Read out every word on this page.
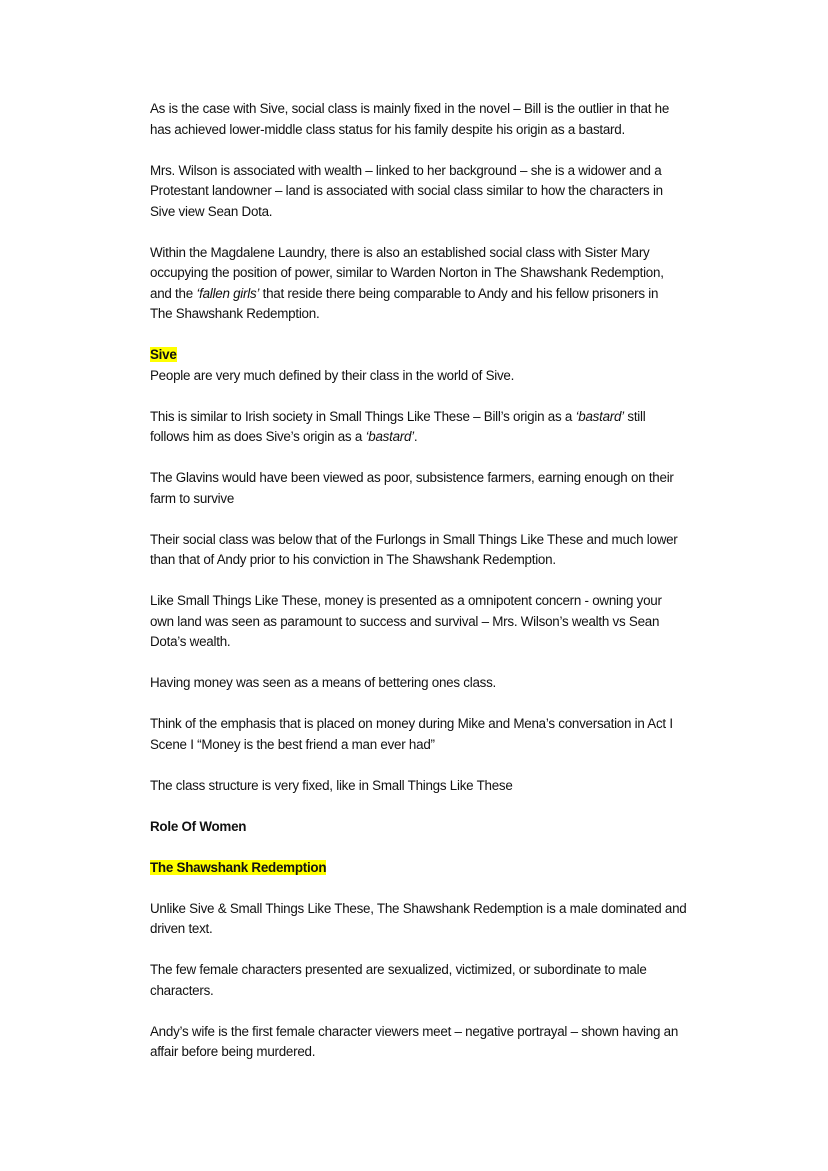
As is the case with Sive, social class is mainly fixed in the novel – Bill is the outlier in that he
has achieved lower-middle class status for his family despite his origin as a bastard.
Mrs. Wilson is associated with wealth – linked to her background – she is a widower and a
Protestant landowner – land is associated with social class similar to how the characters in
Sive view Sean Dota.
Within the Magdalene Laundry, there is also an established social class with Sister Mary
occupying the position of power, similar to Warden Norton in The Shawshank Redemption,
and the ‘fallen girls’ that reside there being comparable to Andy and his fellow prisoners in
The Shawshank Redemption.
Sive
People are very much defined by their class in the world of Sive.
This is similar to Irish society in Small Things Like These – Bill’s origin as a ‘bastard’ still
follows him as does Sive’s origin as a ‘bastard’.
The Glavins would have been viewed as poor, subsistence farmers, earning enough on their
farm to survive
Their social class was below that of the Furlongs in Small Things Like These and much lower
than that of Andy prior to his conviction in The Shawshank Redemption.
Like Small Things Like These, money is presented as a omnipotent concern - owning your
own land was seen as paramount to success and survival – Mrs. Wilson’s wealth vs Sean
Dota’s wealth.
Having money was seen as a means of bettering ones class.
Think of the emphasis that is placed on money during Mike and Mena’s conversation in Act I
Scene I “Money is the best friend a man ever had”
The class structure is very fixed, like in Small Things Like These
Role Of Women
The Shawshank Redemption
Unlike Sive & Small Things Like These, The Shawshank Redemption is a male dominated and
driven text.
The few female characters presented are sexualized, victimized, or subordinate to male
characters.
Andy’s wife is the first female character viewers meet – negative portrayal – shown having an
affair before being murdered.
